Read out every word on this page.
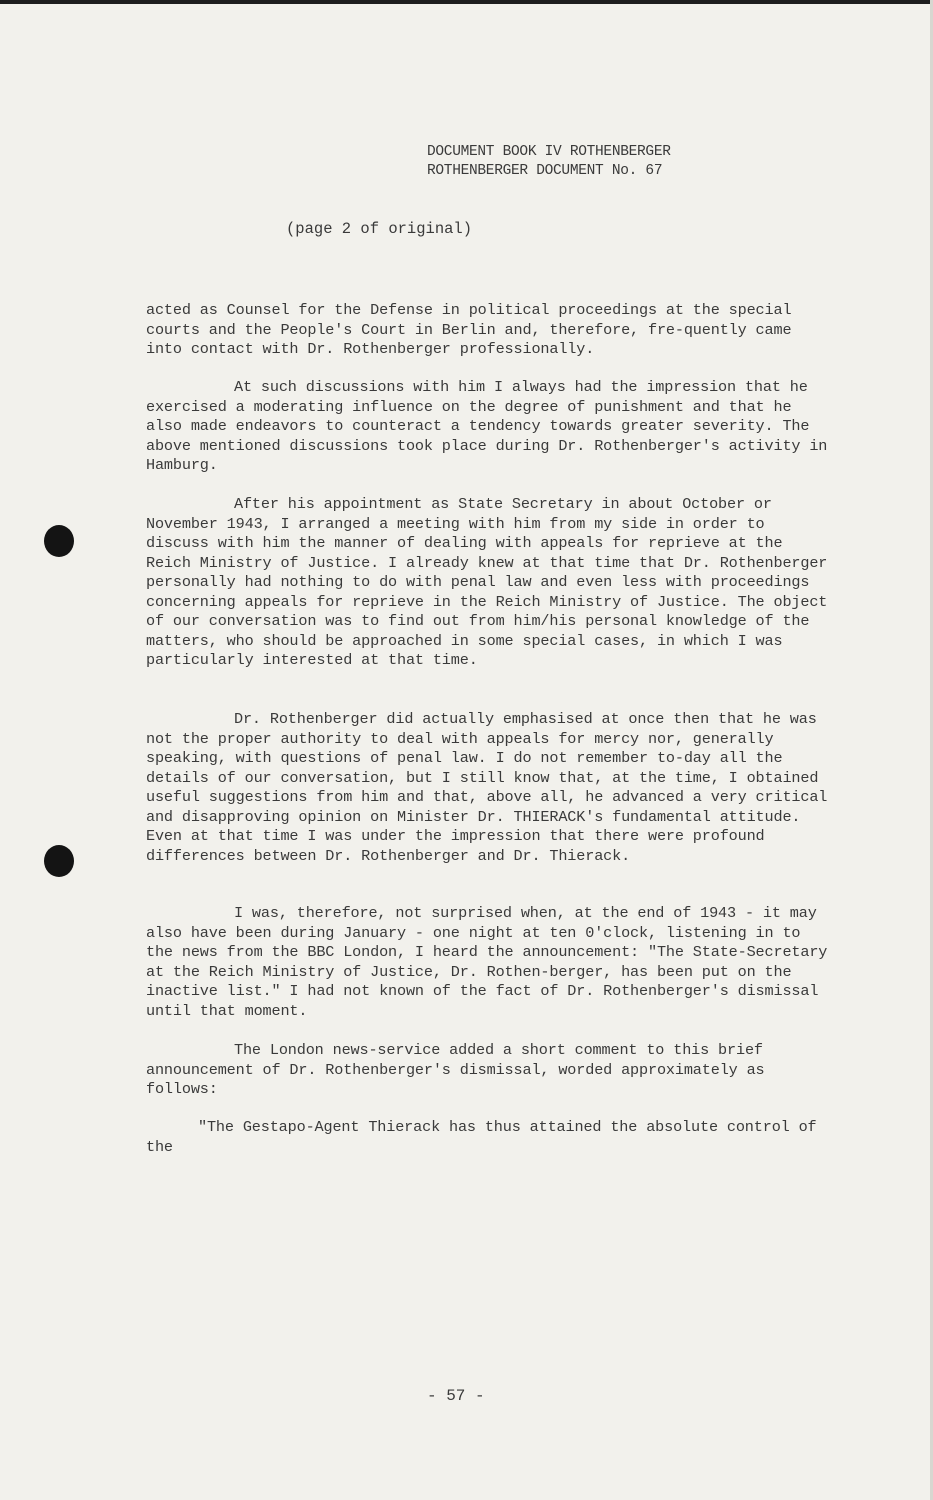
DOCUMENT BOOK IV ROTHENBERGER
ROTHENBERGER DOCUMENT No. 67
(page 2 of original)

acted as Counsel for the Defense in political proceedings at the special courts and the People's Court in Berlin and, therefore, fre-quently came into contact with Dr. Rothenberger professionally.

At such discussions with him I always had the impression that he exercised a moderating influence on the degree of punishment and that he also made endeavors to counteract a tendency towards greater severity. The above mentioned discussions took place during Dr. Rothenberger's activity in Hamburg.

After his appointment as State Secretary in about October or November 1943, I arranged a meeting with him from my side in order to discuss with him the manner of dealing with appeals for reprieve at the Reich Ministry of Justice. I already knew at that time that Dr. Rothenberger personally had nothing to do with penal law and even less with proceedings concerning appeals for reprieve in the Reich Ministry of Justice. The object of our conversation was to find out from him/his personal knowledge of the matters, who should be approached in some special cases, in which I was particularly interested at that time.

Dr. Rothenberger did actually emphasised at once then that he was not the proper authority to deal with appeals for mercy nor, generally speaking, with questions of penal law. I do not remember to-day all the details of our conversation, but I still know that, at the time, I obtained useful suggestions from him and that, above all, he advanced a very critical and disapproving opinion on Minister Dr. THIERACK's fundamental attitude. Even at that time I was under the impression that there were profound differences between Dr. Rothenberger and Dr. Thierack.

I was, therefore, not surprised when, at the end of 1943 - it may also have been during January - one night at ten 0'clock, listening in to the news from the BBC London, I heard the announcement: "The State-Secretary at the Reich Ministry of Justice, Dr. Rothen-berger, has been put on the inactive list." I had not known of the fact of Dr. Rothenberger's dismissal until that moment.

The London news-service added a short comment to this brief announcement of Dr. Rothenberger's dismissal, worded approximately as follows:

"The Gestapo-Agent Thierack has thus attained the absolute control of the

- 57 -
